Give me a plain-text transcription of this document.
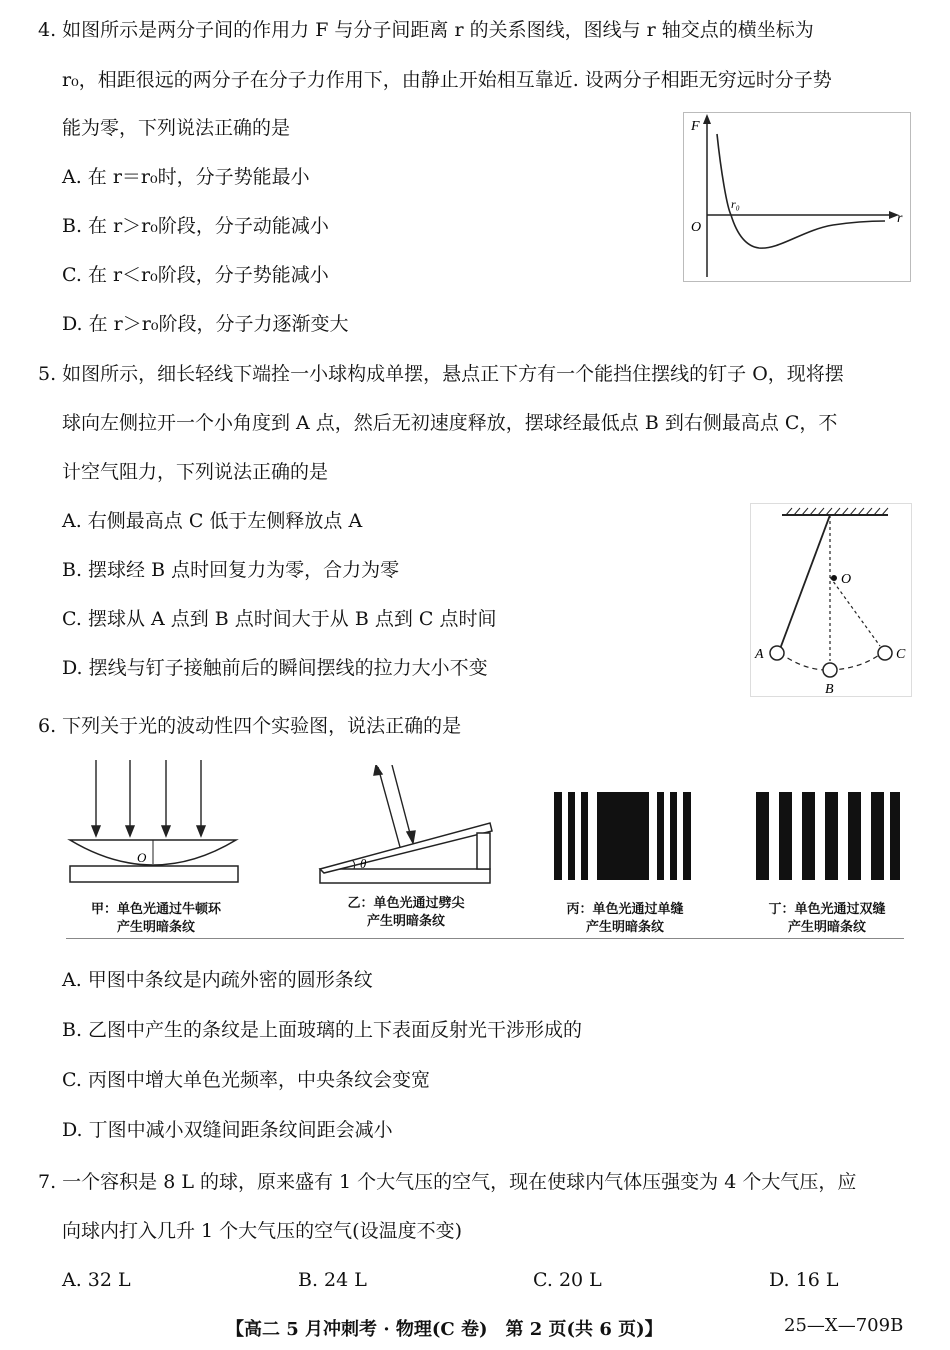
4. 如图所示是两分子间的作用力 F 与分子间距离 r 的关系图线，图线与 r 轴交点的横坐标为
r₀，相距很远的两分子在分子力作用下，由静止开始相互靠近. 设两分子相距无穷远时分子势
能为零，下列说法正确的是
A. 在 r＝r₀时，分子势能最小
B. 在 r＞r₀阶段，分子动能减小
C. 在 r＜r₀阶段，分子势能减小
D. 在 r＞r₀阶段，分子力逐渐变大
F
r
O
r₀
5. 如图所示，细长轻线下端拴一小球构成单摆，悬点正下方有一个能挡住摆线的钉子 O，现将摆
球向左侧拉开一个小角度到 A 点，然后无初速度释放，摆球经最低点 B 到右侧最高点 C，不
计空气阻力，下列说法正确的是
A. 右侧最高点 C 低于左侧释放点 A
B. 摆球经 B 点时回复力为零，合力为零
C. 摆球从 A 点到 B 点时间大于从 B 点到 C 点时间
D. 摆线与钉子接触前后的瞬间摆线的拉力大小不变
O
A
B
C
6. 下列关于光的波动性四个实验图，说法正确的是
O
甲：单色光通过牛顿环
产生明暗条纹
θ
乙：单色光通过劈尖
产生明暗条纹
丙：单色光通过单缝
产生明暗条纹
丁：单色光通过双缝
产生明暗条纹
A. 甲图中条纹是内疏外密的圆形条纹
B. 乙图中产生的条纹是上面玻璃的上下表面反射光干涉形成的
C. 丙图中增大单色光频率，中央条纹会变宽
D. 丁图中减小双缝间距条纹间距会减小
7. 一个容积是 8 L 的球，原来盛有 1 个大气压的空气，现在使球内气体压强变为 4 个大气压，应
向球内打入几升 1 个大气压的空气(设温度不变)
A. 32 L	B. 24 L	C. 20 L	D. 16 L
【高二 5 月冲刺考 · 物理(C 卷)　第 2 页(共 6 页)】	25—X—709B
